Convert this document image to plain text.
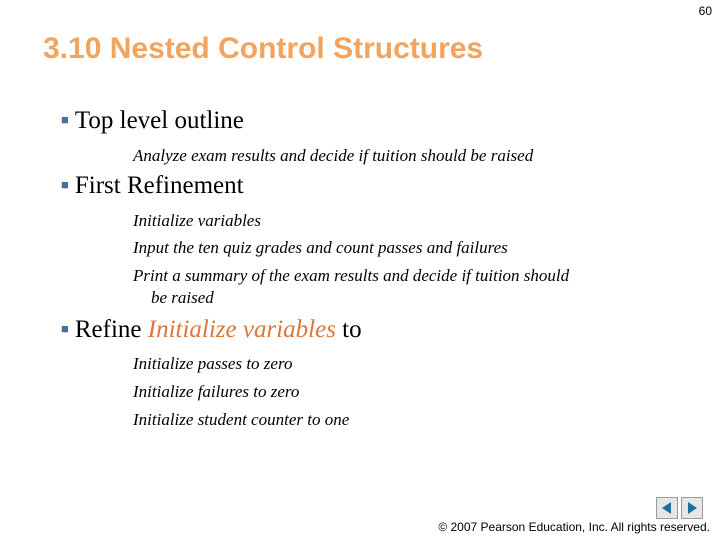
60
3.10 Nested Control Structures
■ Top level outline
Analyze exam results and decide if tuition should be raised
■ First Refinement
Initialize variables
Input the ten quiz grades and count passes and failures
Print a summary of the exam results and decide if tuition should
be raised
■ Refine Initialize variables to
Initialize passes to zero
Initialize failures to zero
Initialize student counter to one
© 2007 Pearson Education, Inc. All rights reserved.
